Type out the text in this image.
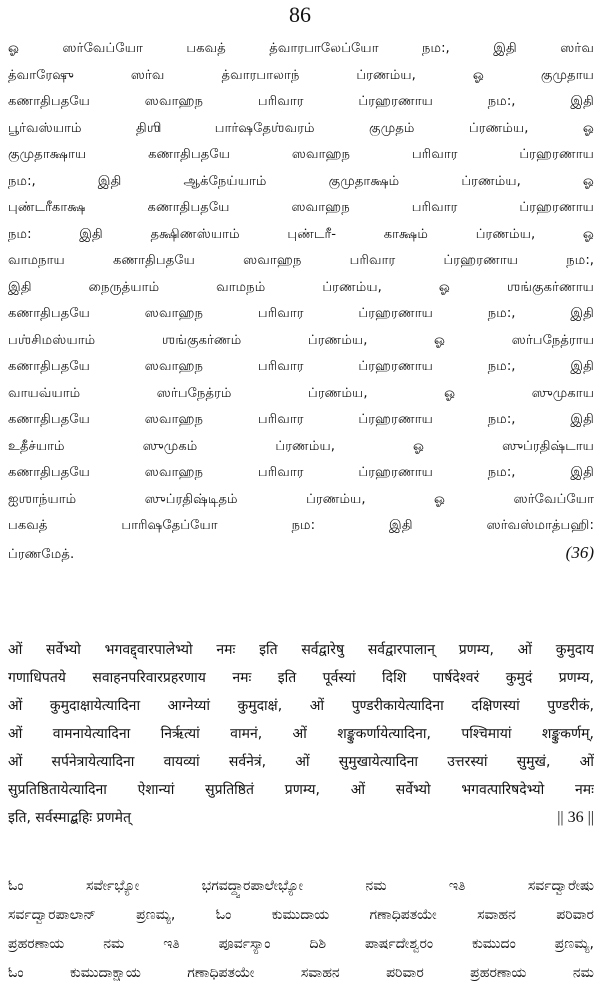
86
ஓ	ஸர்வேப்யோ	பகவத்	த்வாரபாலேப்யோ	நம:,	இதி	ஸர்வ
த்வாரேஷு	ஸர்வ	த்வாரபாலாந்	ப்ரணம்ய,	ஓ	குமுதாய
கணாதிபதயே	ஸவாஹந	பரிவார	ப்ரஹரணாய	நம:,	இதி
பூர்வஸ்யாம்	திஶி	பார்ஷதேஶ்வரம்	குமுதம்	ப்ரணம்ய,	ஓ
குமுதாக்ஷாய	கணாதிபதயே	ஸவாஹந	பரிவார	ப்ரஹரணாய
நம:,	இதி	ஆக்நேய்யாம்	குமுதாக்ஷம்	ப்ரணம்ய,	ஓ
புண்டரீகாக்ஷ	கணாதிபதயே	ஸவாஹந	பரிவார	ப்ரஹரணாய
நம:	இதி	தக்ஷிணஸ்யாம்	புண்டரீ-	காக்ஷம்	ப்ரணம்ய,	ஓ
வாமநாய	கணாதிபதயே	ஸவாஹந	பரிவார	ப்ரஹரணாய	நம:,
இதி	நைருத்யாம்	வாமநம்	ப்ரணம்ய,	ஓ	ஶங்குகர்ணாய
கணாதிபதயே	ஸவாஹந	பரிவார	ப்ரஹரணாய	நம:,	இதி
பஶ்சிமஸ்யாம்	ஶங்குகர்ணம்	ப்ரணம்ய,	ஓ	ஸர்பநேத்ராய
கணாதிபதயே	ஸவாஹந	பரிவார	ப்ரஹரணாய	நம:,	இதி
வாயவ்யாம்	ஸர்பநேத்ரம்	ப்ரணம்ய,	ஓ	ஸுமுகாய
கணாதிபதயே	ஸவாஹந	பரிவார	ப்ரஹரணாய	நம:,	இதி
உதீச்யாம்	ஸுமுகம்	ப்ரணம்ய,	ஓ	ஸுப்ரதிஷ்டாய
கணாதிபதயே	ஸவாஹந	பரிவார	ப்ரஹரணாய	நம:,	இதி
ஐஶாந்யாம்	ஸுப்ரதிஷ்டிதம்	ப்ரணம்ய,	ஓ	ஸர்வேப்யோ
பகவத்	பாரிஷதேப்யோ	நம:	இதி	ஸர்வஸ்மாத்பஹி:
ப்ரணமேத்.	(36)
ओं सर्वेभ्यो भगवद्द्वारपालेभ्यो नमः इति सर्वद्वारेषु सर्वद्वारपालान् प्रणम्य, ओं कुमुदाय
गणाधिपतये सवाहनपरिवारप्रहरणाय नमः इति पूर्वस्यां दिशि पार्षदेश्वरं कुमुदं प्रणम्य,
ओं कुमुदाक्षायेत्यादिना आग्नेय्यां कुमुदाक्षं, ओं पुण्डरीकायेत्यादिना दक्षिणस्यां पुण्डरीकं,
ओं वामनायेत्यादिना निर्ऋत्यां वामनं, ओं शङ्कुकर्णायेत्यादिना, पश्चिमायां शङ्कुकर्णम्,
ओं सर्पनेत्रायेत्यादिना वायव्यां सर्वनेत्रं, ओं सुमुखायेत्यादिना उत्तरस्यां सुमुखं, ओं
सुप्रतिष्ठितायेत्यादिना ऐशान्यां सुप्रतिष्ठितं प्रणम्य, ओं सर्वेभ्यो भगवत्पारिषदेभ्यो नमः
इति, सर्वस्माद्बहिः प्रणमेत्	|| 36 ||
ಓಂ	ಸರ್ವೇಭ್ಯೋ	ಭಗವದ್ದ್ವಾರಪಾಲೇಭ್ಯೋ	ನಮ	ಇತಿ	ಸರ್ವದ್ವಾರೇಷು
ಸರ್ವದ್ವಾರಪಾಲಾನ್	ಪ್ರಣಮ್ಯ,	ಓಂ	ಕುಮುದಾಯ	ಗಣಾಧಿಪತಯೇ	ಸವಾಹನ	ಪರಿವಾರ
ಪ್ರಹರಣಾಯ	ನಮ	ಇತಿ	ಪೂರ್ವಸ್ಯಾಂ	ದಿಶಿ	ಪಾರ್ಷದೇಶ್ವರಂ	ಕುಮುದಂ	ಪ್ರಣಮ್ಯ,
ಓಂ	ಕುಮುದಾಕ್ಷಾಯ	ಗಣಾಧಿಪತಯೇ	ಸವಾಹನ	ಪರಿವಾರ	ಪ್ರಹರಣಾಯ	ನಮ
